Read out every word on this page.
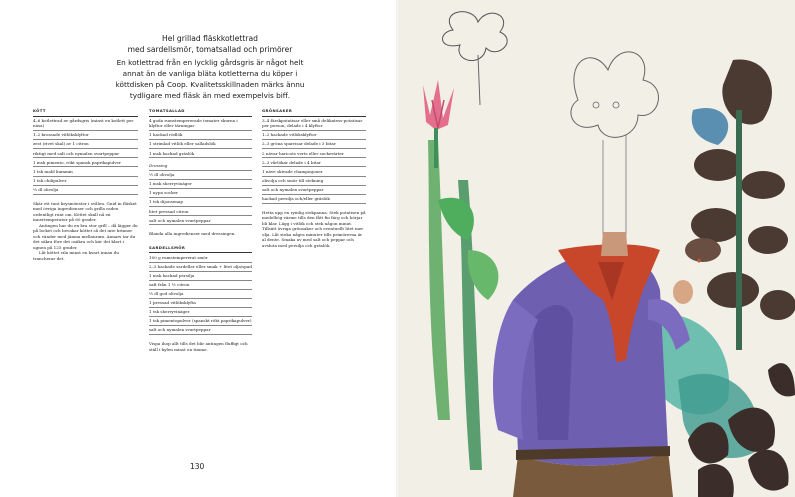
Hel grillad fläskkotlettrad
med sardellsmör, tomatsallad och primörer
En kotlettrad från en lycklig gårdsgris är något helt
annat än de vanliga bläta kotletterna du köper i
köttdisken på Coop. Kvalitetsskillnaden märks ännu
tydligare med fläsk än med exempelvis biff.
KÖTT
4–6 kotlettrad av gårdsgris (minst en kotlett per näsa)
1–2 krossade vitlöksklyftor
zest (rivet skal) av 1 citron
riktigt med salt och nymalen svartpeppar
1 msk pimento, rökt spansk paprikapulver
1 tsk mald kummin
1 tsk chilipulver
⅓ dl olivolja

Skär ett tunt krysmönster i svålen. Gnid in fläsket med övriga ingredienser och grilla raden ordentligt runt om. Köttet skall nå en innertemperatur på 60 grader.

Antingen har du en bra stor grill – då lägger du på locket och bevakar köttet så det inte brinner och vänder med jämna mellanrum. Annars tar du det säkra före det osäkra och kör det klart i ugnen på 125 grader.

Låt köttet vila minst en kvart innan du trancherar det.

TOMATSALLAD
4 goda rumstempererade tomater skurna i klyftor eller tärningar
1 hackad rödlök
1 strimlad vitlök eller salladslök
1 msk hackad gräslök
Dressing
⅓ dl olivolja
1 msk sherryvinäger
1 nypa socker
1 tsk dijonsenap
litet pressad citron
salt och nymalen svartpeppar
Blanda alla ingredienser med dressingen.
SARDELLSMÖR
100 g rumstempererat smör
2–3 hackade sardeller eller smak + litet olja/spad
1 msk hackad persilja
saft från 1 ½ citron
⅓ dl god olivolja
1 pressad vitlöksklyfta
1 tsk sherryvinäger
1 tsk pimentopulver (spanskt rökt paprikapulver)
salt och nymalen svartpeppar
Vispa ihop allt tills det blir antingen fluffigt och ställ i kylen minst en timme.
GRÖNSAKER
3–4 färskpotatisar eller små delikatess-potatisar per person, delade i 4 klyftor
1–2 hackade vitlöksklyftor
2–3 gröna sparrisar delade i 3 bitar
2 nävar haricots verts eller sockerärter
2–3 vårlökar delade i 4 bitar
1 näve skivade champinjoner
olivolja och smör till stekning
salt och nymalen svartpeppar
hackad persilja och/eller gräslök
Hetta upp en rymlig stekpanna. Stek potatisen på medelhög värme tills den fått fin färg och börjar bli klar. Lägg i vitlök och stek någon minut. Tillsätt övriga grönsaker och eventuellt litet mer olja. Låt steka några minuter tills primörerna är al dente. Smaka av med salt och peppar och avsluta med persilja och gräslök.
130
